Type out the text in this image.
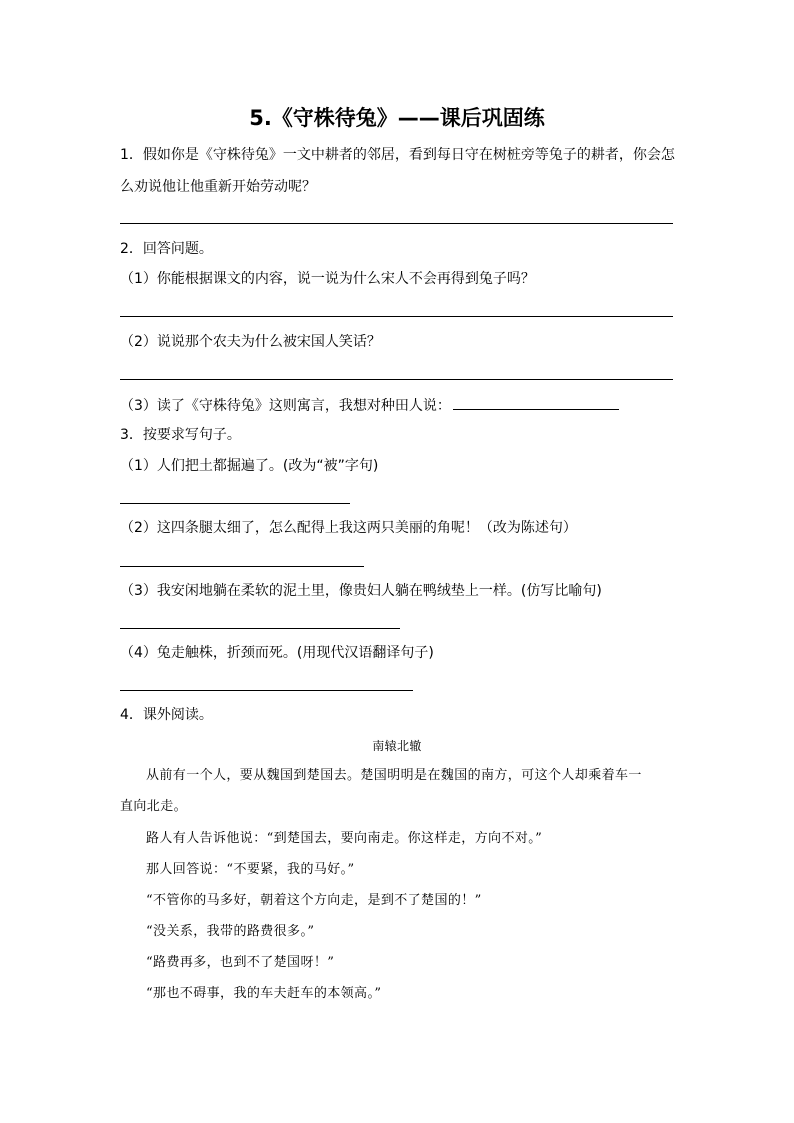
5.《守株待兔》——课后巩固练
1．假如你是《守株待兔》一文中耕者的邻居，看到每日守在树桩旁等兔子的耕者，你会怎
么劝说他让他重新开始劳动呢？
2．回答问题。
（1）你能根据课文的内容，说一说为什么宋人不会再得到兔子吗？
（2）说说那个农夫为什么被宋国人笑话？
（3）读了《守株待兔》这则寓言，我想对种田人说：
3．按要求写句子。
（1）人们把土都掘遍了。(改为“被”字句)
（2）这四条腿太细了，怎么配得上我这两只美丽的角呢！（改为陈述句）
（3）我安闲地躺在柔软的泥土里，像贵妇人躺在鸭绒垫上一样。(仿写比喻句)
（4）兔走触株，折颈而死。(用现代汉语翻译句子)
4．课外阅读。
南辕北辙
从前有一个人，要从魏国到楚国去。楚国明明是在魏国的南方，可这个人却乘着车一
直向北走。
路人有人告诉他说：“到楚国去，要向南走。你这样走，方向不对。”
那人回答说：“不要紧，我的马好。”
“不管你的马多好，朝着这个方向走，是到不了楚国的！”
“没关系，我带的路费很多。”
“路费再多，也到不了楚国呀！”
“那也不碍事，我的车夫赶车的本领高。”
